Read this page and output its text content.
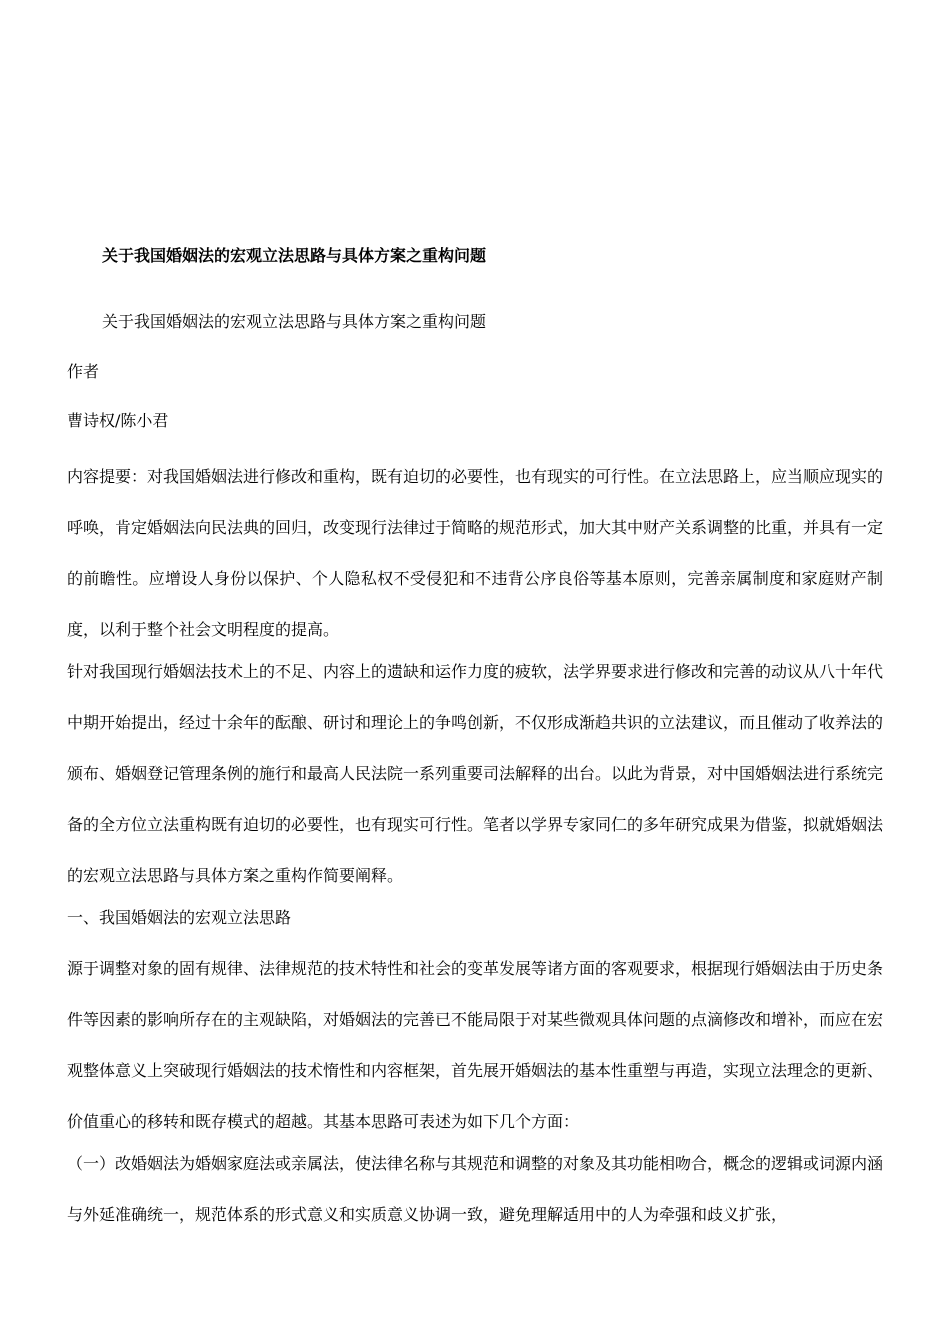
关于我国婚姻法的宏观立法思路与具体方案之重构问题

关于我国婚姻法的宏观立法思路与具体方案之重构问题

作者

曹诗权/陈小君

内容提要：对我国婚姻法进行修改和重构，既有迫切的必要性，也有现实的可行性。在立法思路上，应当顺应现实的呼唤，肯定婚姻法向民法典的回归，改变现行法律过于简略的规范形式，加大其中财产关系调整的比重，并具有一定的前瞻性。应增设人身份以保护、个人隐私权不受侵犯和不违背公序良俗等基本原则，完善亲属制度和家庭财产制度，以利于整个社会文明程度的提高。

针对我国现行婚姻法技术上的不足、内容上的遗缺和运作力度的疲软，法学界要求进行修改和完善的动议从八十年代中期开始提出，经过十余年的酝酿、研讨和理论上的争鸣创新，不仅形成渐趋共识的立法建议，而且催动了收养法的颁布、婚姻登记管理条例的施行和最高人民法院一系列重要司法解释的出台。以此为背景，对中国婚姻法进行系统完备的全方位立法重构既有迫切的必要性，也有现实可行性。笔者以学界专家同仁的多年研究成果为借鉴，拟就婚姻法的宏观立法思路与具体方案之重构作简要阐释。

一、我国婚姻法的宏观立法思路

源于调整对象的固有规律、法律规范的技术特性和社会的变革发展等诸方面的客观要求，根据现行婚姻法由于历史条件等因素的影响所存在的主观缺陷，对婚姻法的完善已不能局限于对某些微观具体问题的点滴修改和增补，而应在宏观整体意义上突破现行婚姻法的技术惰性和内容框架，首先展开婚姻法的基本性重塑与再造，实现立法理念的更新、价值重心的移转和既存模式的超越。其基本思路可表述为如下几个方面：

（一）改婚姻法为婚姻家庭法或亲属法，使法律名称与其规范和调整的对象及其功能相吻合，概念的逻辑或词源内涵与外延准确统一，规范体系的形式意义和实质意义协调一致，避免理解适用中的人为牵强和歧义扩张，
